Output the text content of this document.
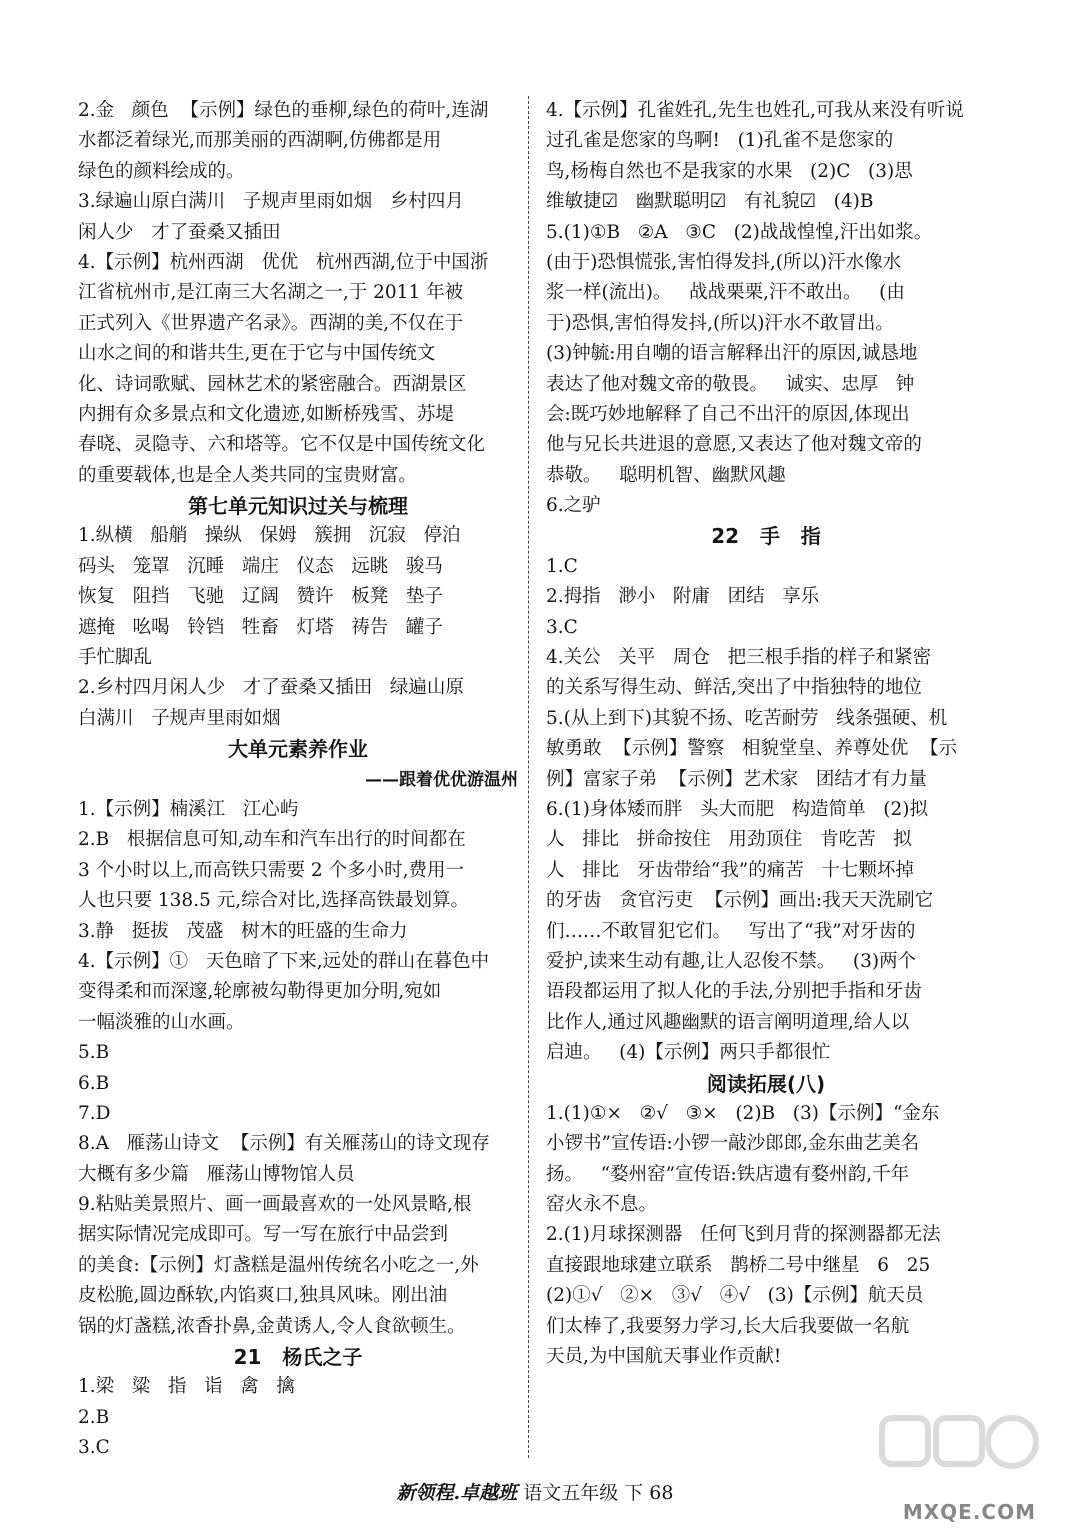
2.金   颜色  【示例】绿色的垂柳,绿色的荷叶,连湖
水都泛着绿光,而那美丽的西湖啊,仿佛都是用
绿色的颜料绘成的。
3.绿遍山原白满川   子规声里雨如烟   乡村四月
闲人少   才了蚕桑又插田
4.【示例】杭州西湖   优优   杭州西湖,位于中国浙
江省杭州市,是江南三大名湖之一,于 2011 年被
正式列入《世界遗产名录》。西湖的美,不仅在于
山水之间的和谐共生,更在于它与中国传统文
化、诗词歌赋、园林艺术的紧密融合。西湖景区
内拥有众多景点和文化遗迹,如断桥残雪、苏堤
春晓、灵隐寺、六和塔等。它不仅是中国传统文化
的重要载体,也是全人类共同的宝贵财富。
第七单元知识过关与梳理
1.纵横   船艄   操纵   保姆   簇拥   沉寂   停泊
码头   笼罩   沉睡   端庄   仪态   远眺   骏马
恢复   阻挡   飞驰   辽阔   赞许   板凳   垫子
遮掩   吆喝   铃铛   牲畜   灯塔   祷告   罐子
手忙脚乱
2.乡村四月闲人少   才了蚕桑又插田   绿遍山原
白满川   子规声里雨如烟
大单元素养作业
——跟着优优游温州
1.【示例】楠溪江   江心屿
2.B   根据信息可知,动车和汽车出行的时间都在
3 个小时以上,而高铁只需要 2 个多小时,费用一
人也只要 138.5 元,综合对比,选择高铁最划算。
3.静   挺拔   茂盛   树木的旺盛的生命力
4.【示例】①   天色暗了下来,远处的群山在暮色中
变得柔和而深邃,轮廓被勾勒得更加分明,宛如
一幅淡雅的山水画。
5.B
6.B
7.D
8.A   雁荡山诗文  【示例】有关雁荡山的诗文现存
大概有多少篇   雁荡山博物馆人员
9.粘贴美景照片、画一画最喜欢的一处风景略,根
据实际情况完成即可。写一写在旅行中品尝到
的美食:【示例】灯盏糕是温州传统名小吃之一,外
皮松脆,圆边酥软,内馅爽口,独具风味。刚出油
锅的灯盏糕,浓香扑鼻,金黄诱人,令人食欲顿生。
21   杨氏之子
1.梁   粱   指   诣   禽   擒
2.B
3.C
4.【示例】孔雀姓孔,先生也姓孔,可我从来没有听说
过孔雀是您家的鸟啊!   (1)孔雀不是您家的
鸟,杨梅自然也不是我家的水果   (2)C   (3)思
维敏捷☑   幽默聪明☑   有礼貌☑   (4)B
5.(1)①B   ②A   ③C   (2)战战惶惶,汗出如浆。
(由于)恐惧慌张,害怕得发抖,(所以)汗水像水
浆一样(流出)。   战战栗栗,汗不敢出。   (由
于)恐惧,害怕得发抖,(所以)汗水不敢冒出。
(3)钟毓:用自嘲的语言解释出汗的原因,诚恳地
表达了他对魏文帝的敬畏。   诚实、忠厚   钟
会:既巧妙地解释了自己不出汗的原因,体现出
他与兄长共进退的意愿,又表达了他对魏文帝的
恭敬。   聪明机智、幽默风趣
6.之驴
22   手   指
1.C
2.拇指   渺小   附庸   团结   享乐
3.C
4.关公   关平   周仓   把三根手指的样子和紧密
的关系写得生动、鲜活,突出了中指独特的地位
5.(从上到下)其貌不扬、吃苦耐劳   线条强硬、机
敏勇敢  【示例】警察   相貌堂皇、养尊处优  【示
例】富家子弟  【示例】艺术家   团结才有力量
6.(1)身体矮而胖   头大而肥   构造简单   (2)拟
人   排比   拼命按住   用劲顶住   肯吃苦   拟
人   排比   牙齿带给“我”的痛苦   十七颗坏掉
的牙齿   贪官污吏  【示例】画出:我天天洗刷它
们……不敢冒犯它们。   写出了“我”对牙齿的
爱护,读来生动有趣,让人忍俊不禁。   (3)两个
语段都运用了拟人化的手法,分别把手指和牙齿
比作人,通过风趣幽默的语言阐明道理,给人以
启迪。   (4)【示例】两只手都很忙
阅读拓展(八)
1.(1)①×   ②√   ③×   (2)B   (3)【示例】“金东
小锣书”宣传语:小锣一敲沙郎郎,金东曲艺美名
扬。   “婺州窑”宣传语:铁店遗有婺州韵,千年
窑火永不息。
2.(1)月球探测器   任何飞到月背的探测器都无法
直接跟地球建立联系   鹊桥二号中继星   6   25
(2)①√   ②×   ③√   ④√   (3)【示例】航天员
们太棒了,我要努力学习,长大后我要做一名航
天员,为中国航天事业作贡献!
新领程.卓越班 语文五年级 下 68
MXQE.COM
